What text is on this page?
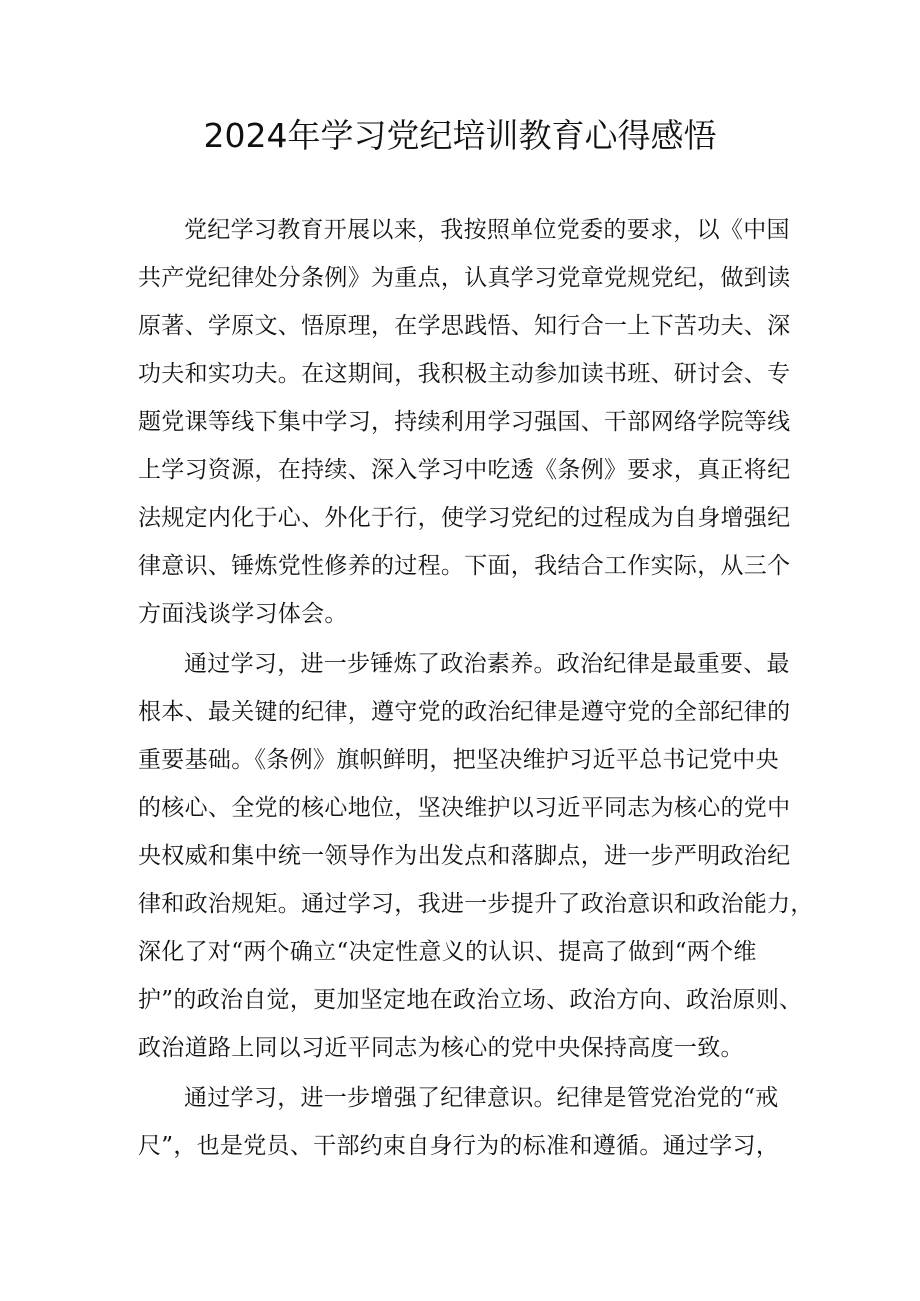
2024年学习党纪培训教育心得感悟
党纪学习教育开展以来，我按照单位党委的要求，以《中国
共产党纪律处分条例》为重点，认真学习党章党规党纪，做到读
原著、学原文、悟原理，在学思践悟、知行合一上下苦功夫、深
功夫和实功夫。在这期间，我积极主动参加读书班、研讨会、专
题党课等线下集中学习，持续利用学习强国、干部网络学院等线
上学习资源，在持续、深入学习中吃透《条例》要求，真正将纪
法规定内化于心、外化于行，使学习党纪的过程成为自身增强纪
律意识、锤炼党性修养的过程。下面，我结合工作实际，从三个
方面浅谈学习体会。
通过学习，进一步锤炼了政治素养。政治纪律是最重要、最
根本、最关键的纪律，遵守党的政治纪律是遵守党的全部纪律的
重要基础。《条例》旗帜鲜明，把坚决维护习近平总书记党中央
的核心、全党的核心地位，坚决维护以习近平同志为核心的党中
央权威和集中统一领导作为出发点和落脚点，进一步严明政治纪
律和政治规矩。通过学习，我进一步提升了政治意识和政治能力，
深化了对“两个确立“决定性意义的认识、提高了做到“两个维
护”的政治自觉，更加坚定地在政治立场、政治方向、政治原则、
政治道路上同以习近平同志为核心的党中央保持高度一致。
通过学习，进一步增强了纪律意识。纪律是管党治党的“戒
尺”，也是党员、干部约束自身行为的标准和遵循。通过学习，
